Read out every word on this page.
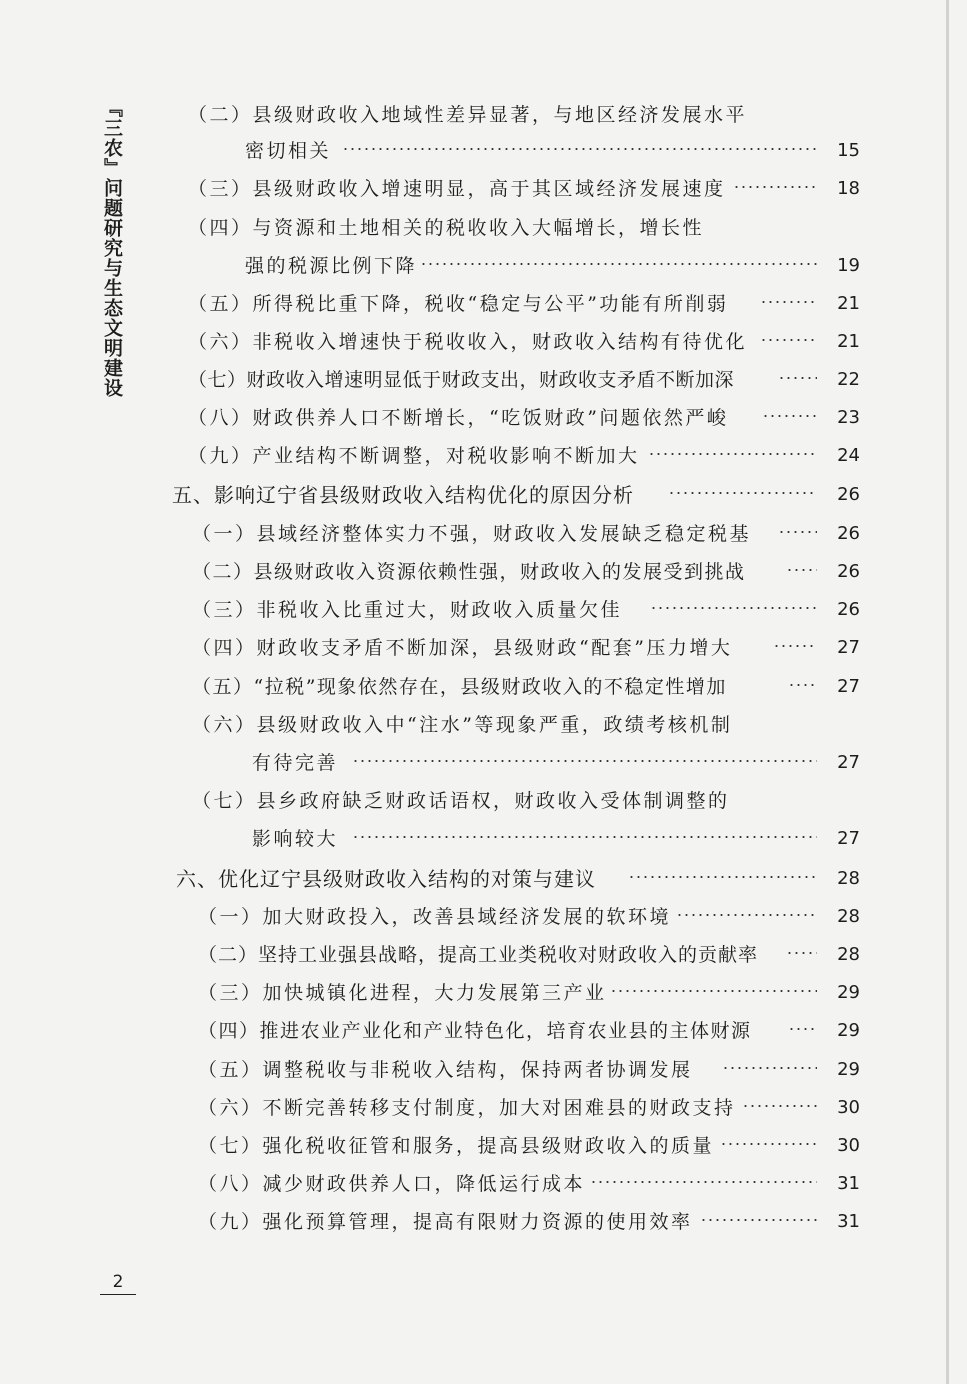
『三农』问题研究与生态文明建设	（二）县级财政收入地域性差异显著，与地区经济发展水平
密切相关	15
（三）县级财政收入增速明显，高于其区域经济发展速度	18
（四）与资源和土地相关的税收收入大幅增长，增长性
强的税源比例下降	19
（五）所得税比重下降，税收“稳定与公平”功能有所削弱	21
（六）非税收入增速快于税收收入，财政收入结构有待优化	21
（七）财政收入增速明显低于财政支出，财政收支矛盾不断加深	22
（八）财政供养人口不断增长，“吃饭财政”问题依然严峻	23
（九）产业结构不断调整，对税收影响不断加大	24
五、影响辽宁省县级财政收入结构优化的原因分析	26
（一）县域经济整体实力不强，财政收入发展缺乏稳定税基	26
（二）县级财政收入资源依赖性强，财政收入的发展受到挑战	26
（三）非税收入比重过大，财政收入质量欠佳	26
（四）财政收支矛盾不断加深，县级财政“配套”压力增大	27
（五）“拉税”现象依然存在，县级财政收入的不稳定性增加	27
（六）县级财政收入中“注水”等现象严重，政绩考核机制
有待完善	27
（七）县乡政府缺乏财政话语权，财政收入受体制调整的
影响较大	27
六、优化辽宁县级财政收入结构的对策与建议	28
（一）加大财政投入，改善县域经济发展的软环境	28
（二）坚持工业强县战略，提高工业类税收对财政收入的贡献率	28
（三）加快城镇化进程，大力发展第三产业	29
（四）推进农业产业化和产业特色化，培育农业县的主体财源	29
（五）调整税收与非税收入结构，保持两者协调发展	29
（六）不断完善转移支付制度，加大对困难县的财政支持	30
（七）强化税收征管和服务，提高县级财政收入的质量	30
（八）减少财政供养人口，降低运行成本	31
（九）强化预算管理，提高有限财力资源的使用效率	31
2
